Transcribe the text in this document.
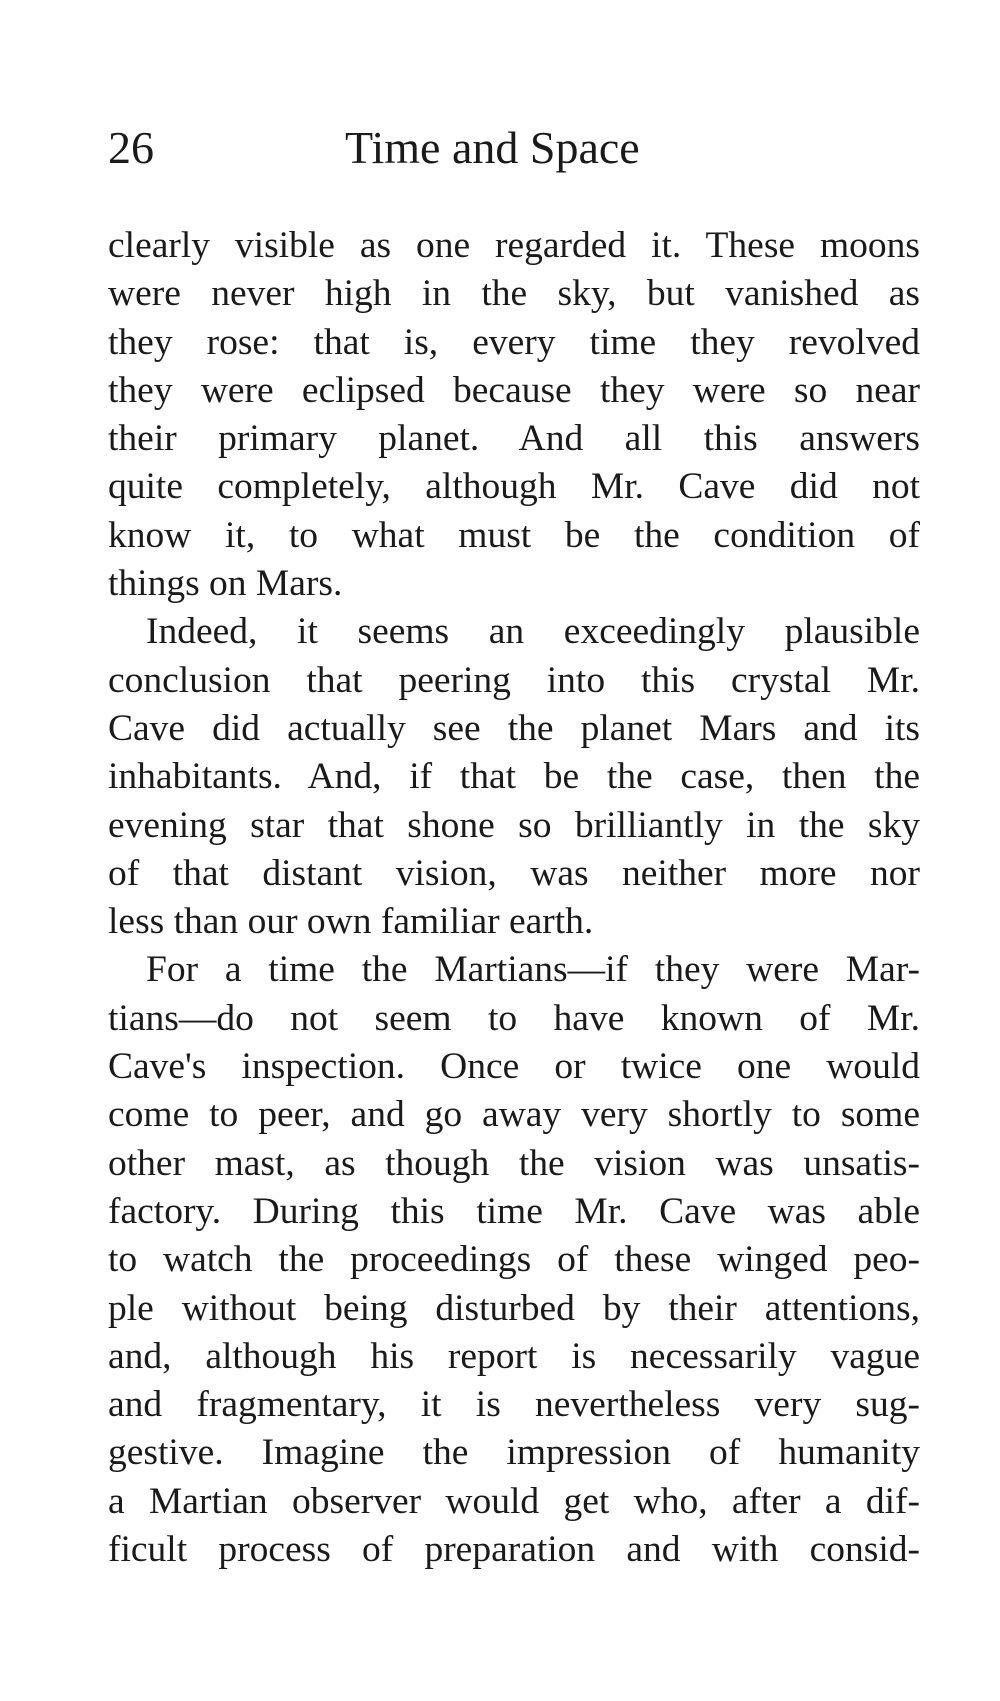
26	Time and Space
clearly visible as one regarded it. These moons
were never high in the sky, but vanished as
they rose: that is, every time they revolved
they were eclipsed because they were so near
their primary planet. And all this answers
quite completely, although Mr. Cave did not
know it, to what must be the condition of
things on Mars.
Indeed, it seems an exceedingly plausible
conclusion that peering into this crystal Mr.
Cave did actually see the planet Mars and its
inhabitants. And, if that be the case, then the
evening star that shone so brilliantly in the sky
of that distant vision, was neither more nor
less than our own familiar earth.
For a time the Martians—if they were Mar-
tians—do not seem to have known of Mr.
Cave's inspection. Once or twice one would
come to peer, and go away very shortly to some
other mast, as though the vision was unsatis-
factory. During this time Mr. Cave was able
to watch the proceedings of these winged peo-
ple without being disturbed by their attentions,
and, although his report is necessarily vague
and fragmentary, it is nevertheless very sug-
gestive. Imagine the impression of humanity
a Martian observer would get who, after a dif-
ficult process of preparation and with consid-
